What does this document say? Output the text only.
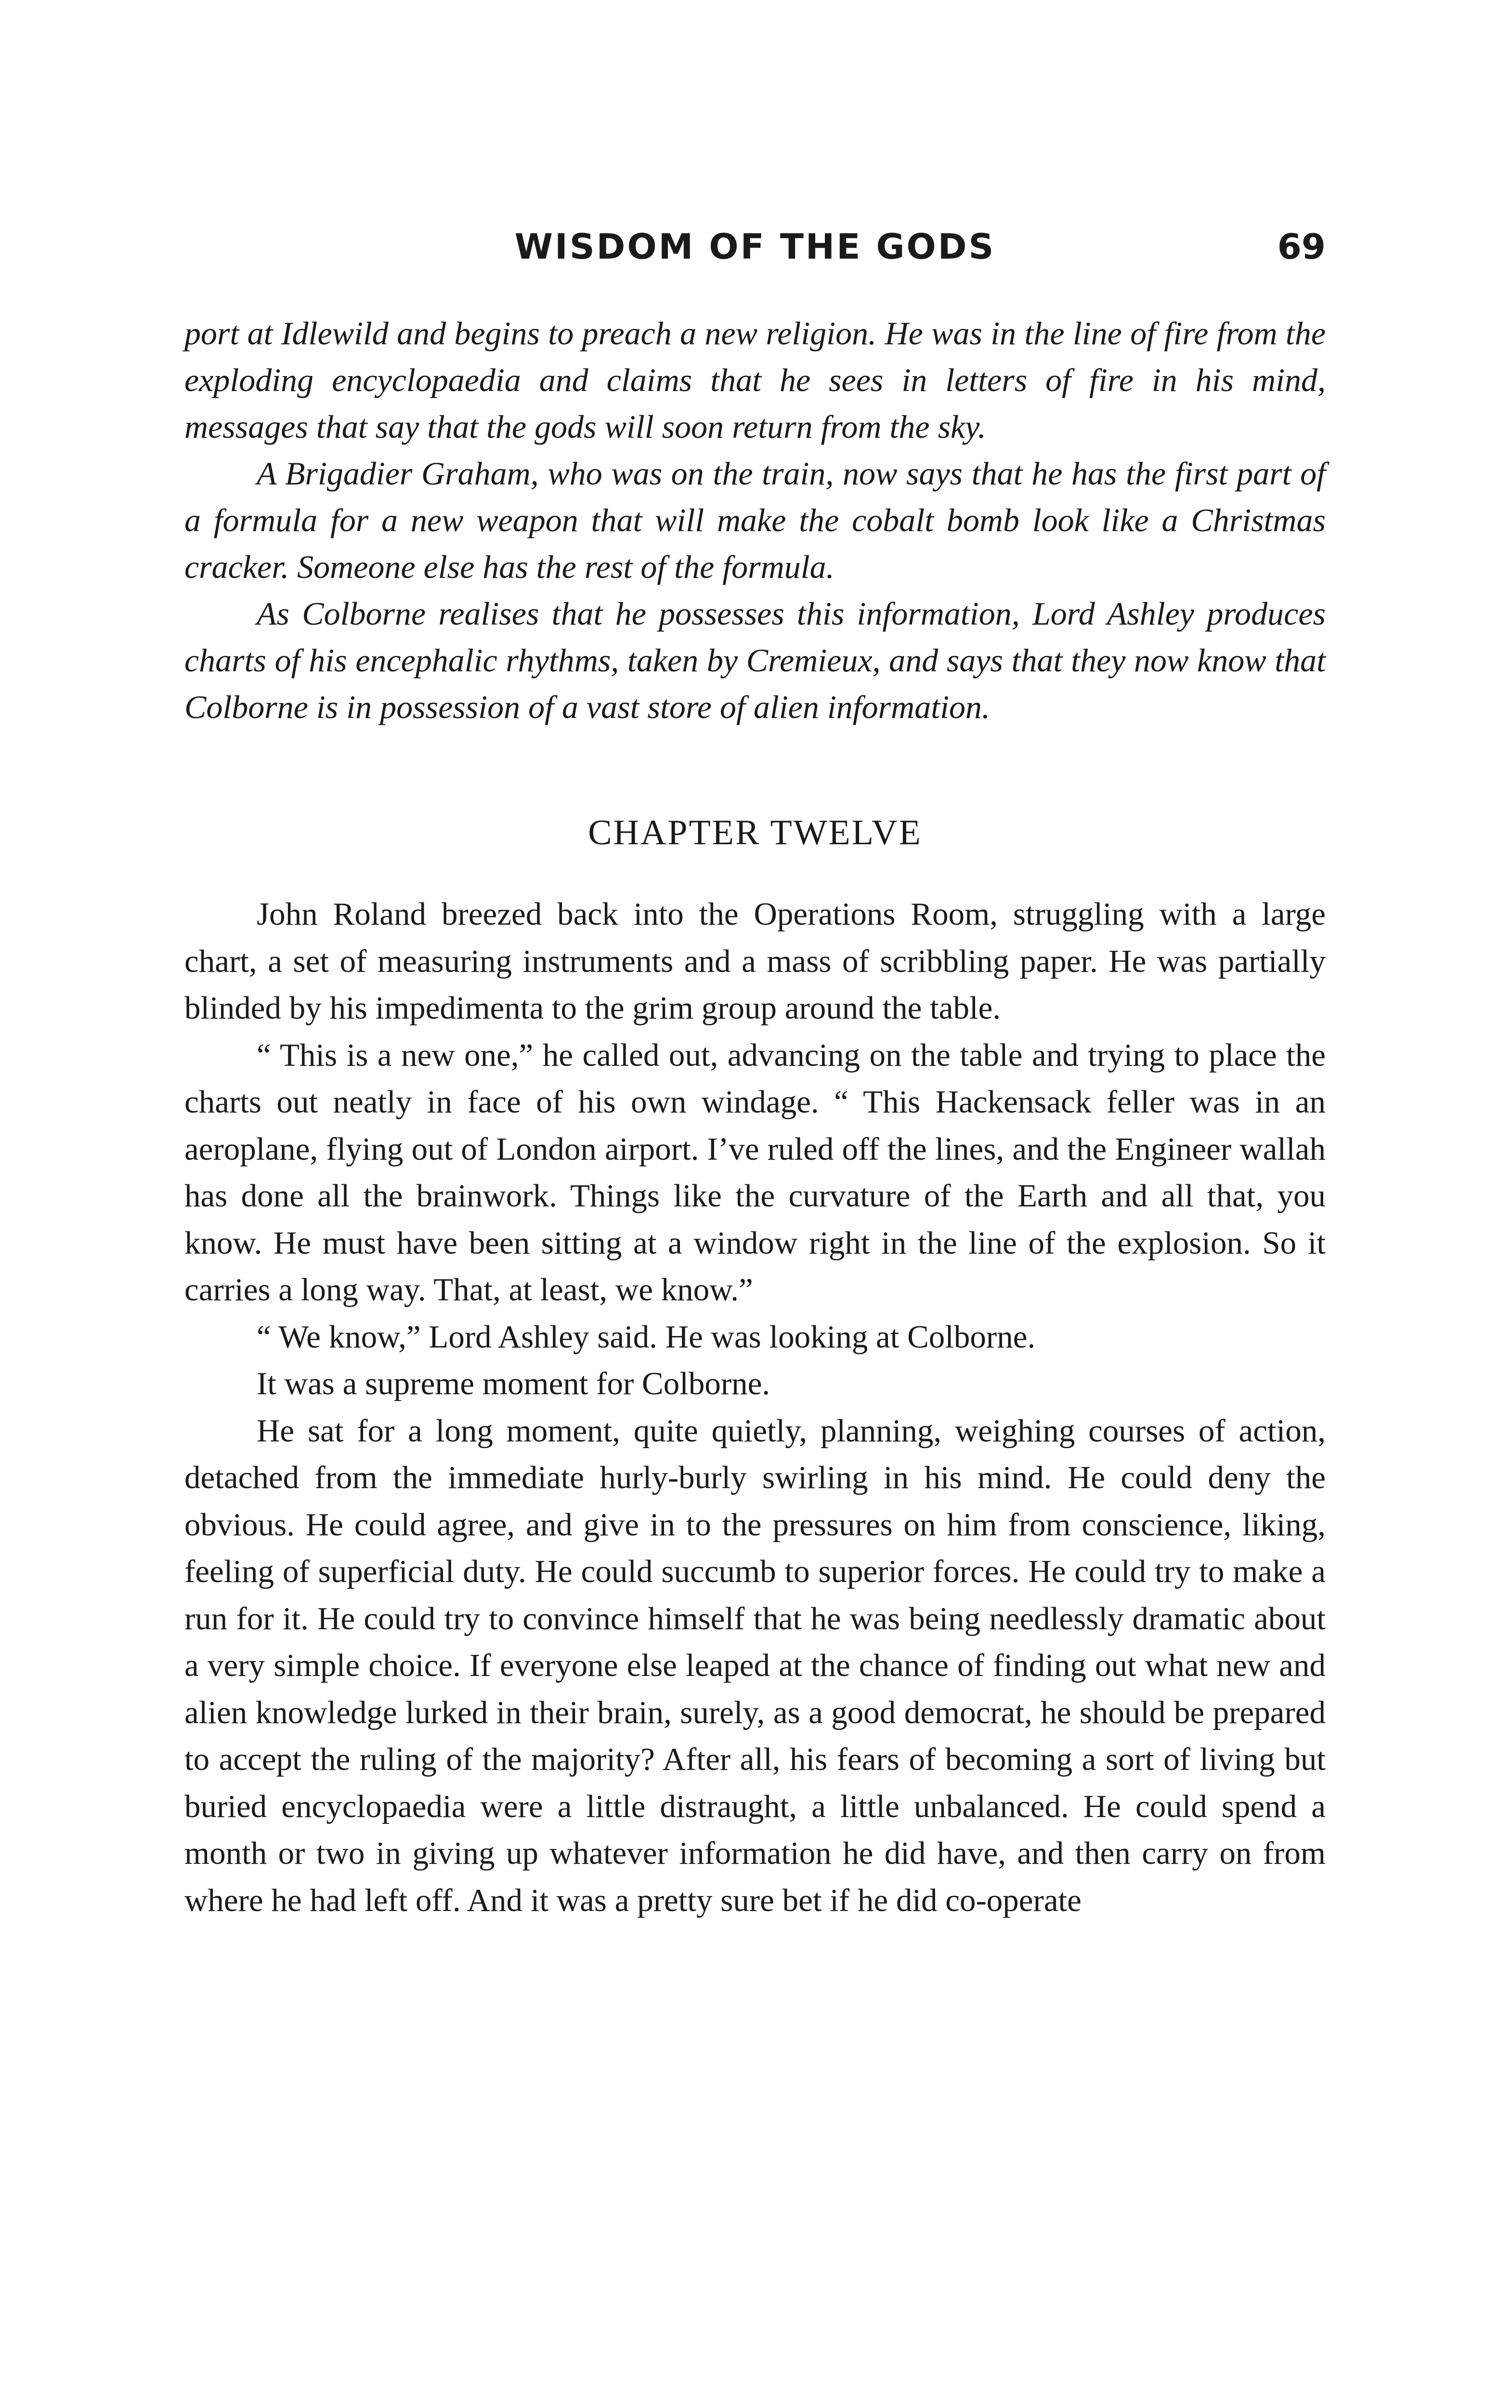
WISDOM OF THE GODS	69

port at Idlewild and begins to preach a new religion. He was in the line of fire from the exploding encyclopaedia and claims that he sees in letters of fire in his mind, messages that say that the gods will soon return from the sky.

A Brigadier Graham, who was on the train, now says that he has the first part of a formula for a new weapon that will make the cobalt bomb look like a Christmas cracker. Someone else has the rest of the formula.

As Colborne realises that he possesses this information, Lord Ashley produces charts of his encephalic rhythms, taken by Cremieux, and says that they now know that Colborne is in possession of a vast store of alien information.

CHAPTER TWELVE

John Roland breezed back into the Operations Room, struggling with a large chart, a set of measuring instruments and a mass of scribbling paper. He was partially blinded by his impedimenta to the grim group around the table.

“ This is a new one,” he called out, advancing on the table and trying to place the charts out neatly in face of his own windage. “ This Hackensack feller was in an aeroplane, flying out of London airport. I’ve ruled off the lines, and the Engineer wallah has done all the brainwork. Things like the curvature of the Earth and all that, you know. He must have been sitting at a window right in the line of the explosion. So it carries a long way. That, at least, we know.”

“ We know,” Lord Ashley said. He was looking at Colborne.

It was a supreme moment for Colborne.

He sat for a long moment, quite quietly, planning, weighing courses of action, detached from the immediate hurly-burly swirling in his mind. He could deny the obvious. He could agree, and give in to the pressures on him from conscience, liking, feeling of superficial duty. He could succumb to superior forces. He could try to make a run for it. He could try to convince himself that he was being needlessly dramatic about a very simple choice. If everyone else leaped at the chance of finding out what new and alien knowledge lurked in their brain, surely, as a good democrat, he should be prepared to accept the ruling of the majority? After all, his fears of becoming a sort of living but buried encyclopaedia were a little distraught, a little unbalanced. He could spend a month or two in giving up whatever information he did have, and then carry on from where he had left off. And it was a pretty sure bet if he did co-operate
